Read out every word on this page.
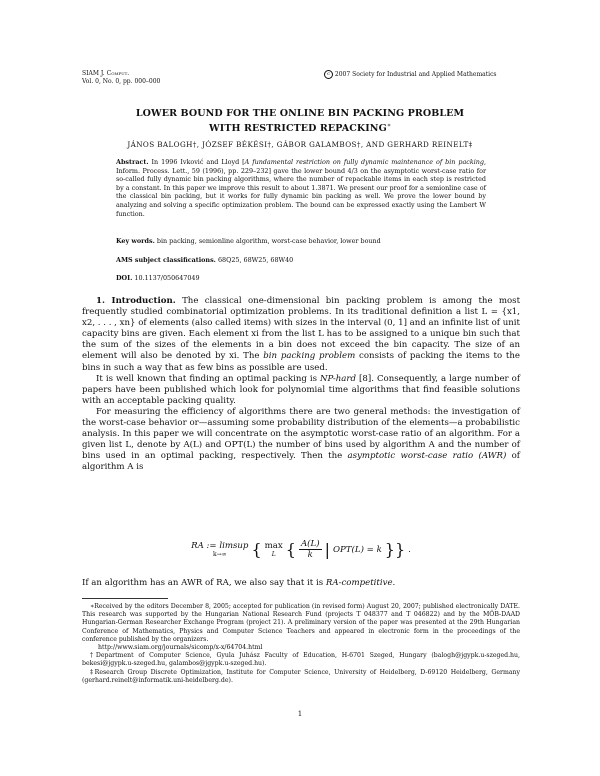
SIAM J. Comput.
Vol. 0, No. 0, pp. 000–000
c 2007 Society for Industrial and Applied Mathematics
LOWER BOUND FOR THE ONLINE BIN PACKING PROBLEM
WITH RESTRICTED REPACKING∗
JÁNOS BALOGH†, JÓZSEF BÉKÉSI†, GÁBOR GALAMBOS†, AND GERHARD REINELT‡
Abstract. In 1996 Ivković and Lloyd [A fundamental restriction on fully dynamic maintenance of bin packing, Inform. Process. Lett., 59 (1996), pp. 229–232] gave the lower bound 4/3 on the asymptotic worst-case ratio for so-called fully dynamic bin packing algorithms, where the number of repackable items in each step is restricted by a constant. In this paper we improve this result to about 1.3871. We present our proof for a semionline case of the classical bin packing, but it works for fully dynamic bin packing as well. We prove the lower bound by analyzing and solving a specific optimization problem. The bound can be expressed exactly using the Lambert W function.
Key words. bin packing, semionline algorithm, worst-case behavior, lower bound
AMS subject classifications. 68Q25, 68W25, 68W40
DOI. 10.1137/050647049

1. Introduction. The classical one-dimensional bin packing problem is among the most frequently studied combinatorial optimization problems. In its traditional definition a list L = {x1, x2, . . . , xn} of elements (also called items) with sizes in the interval (0, 1] and an infinite list of unit capacity bins are given. Each element xi from the list L has to be assigned to a unique bin such that the sum of the sizes of the elements in a bin does not exceed the bin capacity. The size of an element will also be denoted by xi. The bin packing problem consists of packing the items to the bins in such a way that as few bins as possible are used.

It is well known that finding an optimal packing is NP-hard [8]. Consequently, a large number of papers have been published which look for polynomial time algorithms that find feasible solutions with an acceptable packing quality.

For measuring the efficiency of algorithms there are two general methods: the investigation of the worst-case behavior or—assuming some probability distribution of the elements—a probabilistic analysis. In this paper we will concentrate on the asymptotic worst-case ratio of an algorithm. For a given list L, denote by A(L) and OPT(L) the number of bins used by algorithm A and the number of bins used in an optimal packing, respectively. Then the asymptotic worst-case ratio (AWR) of algorithm A is

RA := limsup
k→∞ { max
L { $\frac{A(L)}{k}$ | OPT(L) = k }} .

If an algorithm has an AWR of RA, we also say that it is RA-competitive.

∗Received by the editors December 8, 2005; accepted for publication (in revised form) August 20, 2007; published electronically DATE. This research was supported by the Hungarian National Research Fund (projects T 048377 and T 046822) and by the MÖB-DAAD Hungarian-German Researcher Exchange Program (project 21). A preliminary version of the paper was presented at the 29th Hungarian Conference of Mathematics, Physics and Computer Science Teachers and appeared in electronic form in the proceedings of the conference published by the organizers.

http://www.siam.org/journals/sicomp/x-x/64704.html

†Department of Computer Science, Gyula Juhász Faculty of Education, H-6701 Szeged, Hungary (balogh@jgypk.u-szeged.hu, bekesi@jgypk.u-szeged.hu, galambos@jgypk.u-szeged.hu).

‡Research Group Discrete Optimization, Institute for Computer Science, University of Heidelberg, D-69120 Heidelberg, Germany (gerhard.reinelt@informatik.uni-heidelberg.de).

1
